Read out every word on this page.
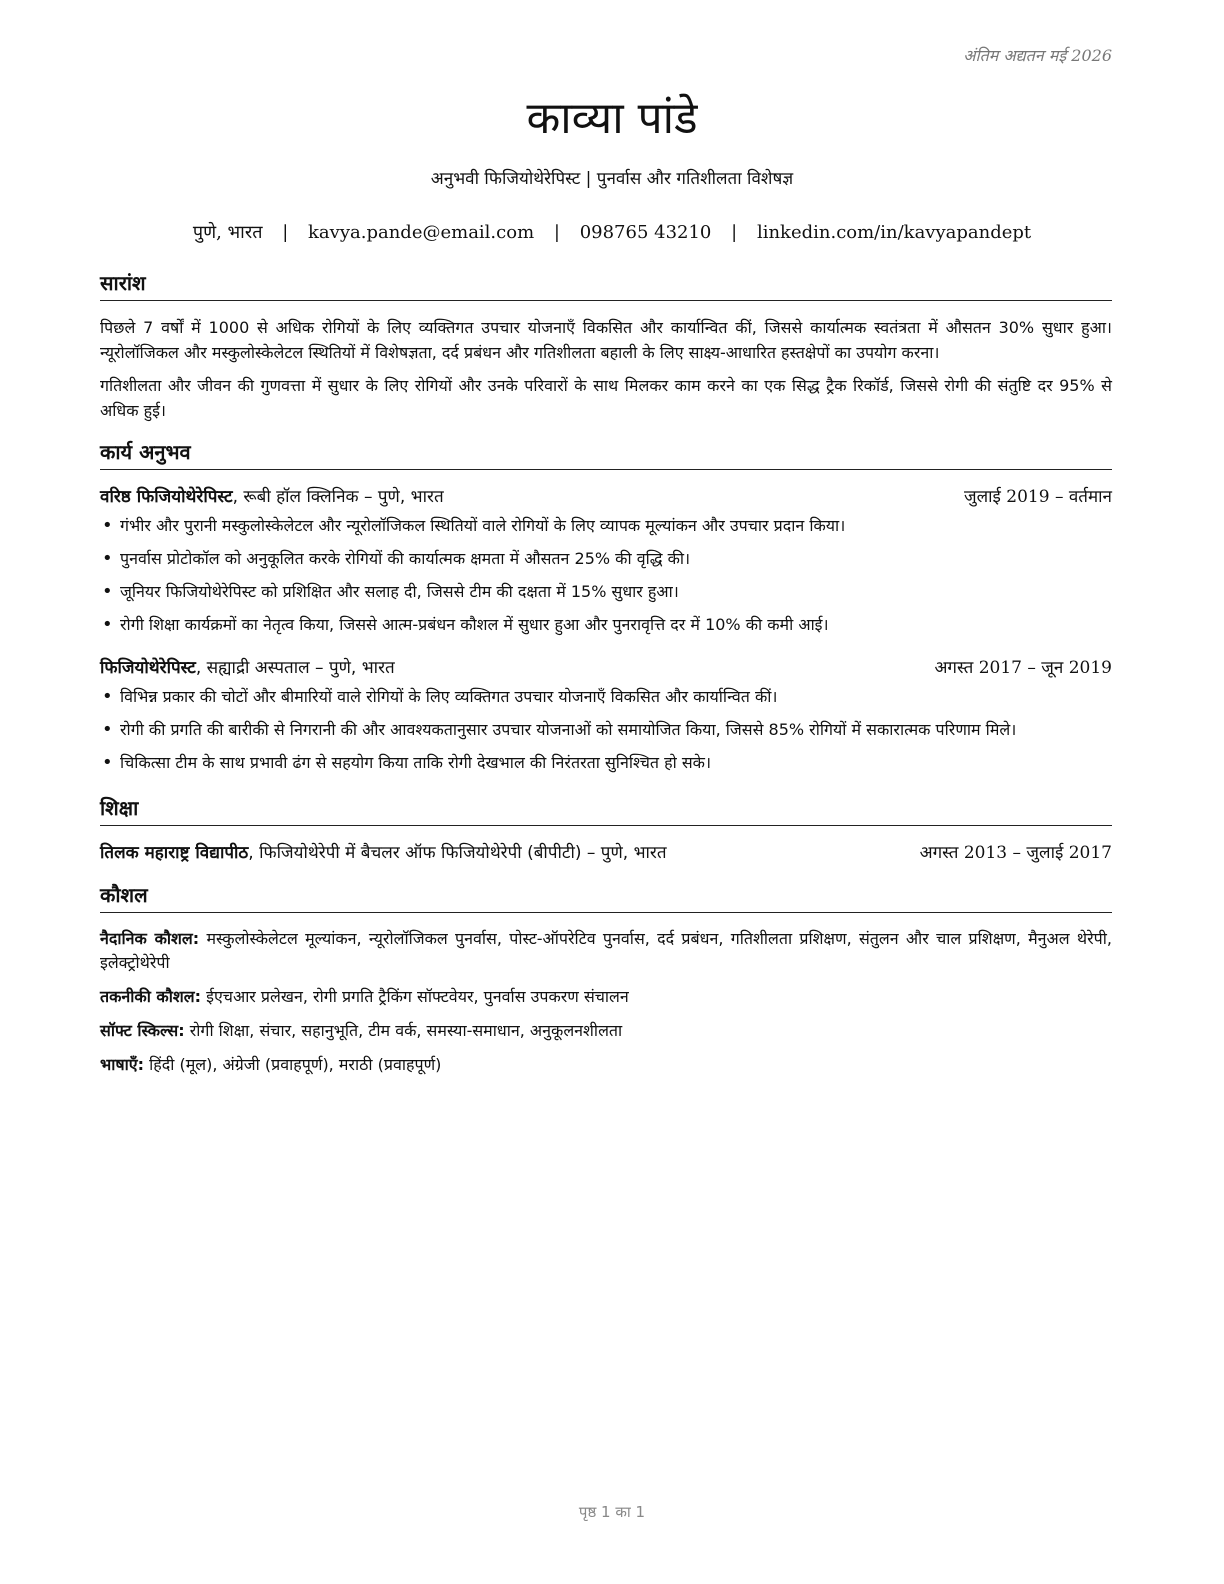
अंतिम अद्यतन मई 2026
काव्या पांडे
अनुभवी फिजियोथेरेपिस्ट | पुनर्वास और गतिशीलता विशेषज्ञ
पुणे, भारत | kavya.pande@email.com | 098765 43210 | linkedin.com/in/kavyapandept
सारांश

पिछले 7 वर्षों में 1000 से अधिक रोगियों के लिए व्यक्तिगत उपचार योजनाएँ विकसित और कार्यान्वित कीं, जिससे कार्यात्मक स्वतंत्रता में औसतन 30% सुधार हुआ। न्यूरोलॉजिकल और मस्कुलोस्केलेटल स्थितियों में विशेषज्ञता, दर्द प्रबंधन और गतिशीलता बहाली के लिए साक्ष्य-आधारित हस्तक्षेपों का उपयोग करना।

गतिशीलता और जीवन की गुणवत्ता में सुधार के लिए रोगियों और उनके परिवारों के साथ मिलकर काम करने का एक सिद्ध ट्रैक रिकॉर्ड, जिससे रोगी की संतुष्टि दर 95% से अधिक हुई।

कार्य अनुभव
वरिष्ठ फिजियोथेरेपिस्ट, रूबी हॉल क्लिनिक – पुणे, भारत	जुलाई 2019 – वर्तमान
• गंभीर और पुरानी मस्कुलोस्केलेटल और न्यूरोलॉजिकल स्थितियों वाले रोगियों के लिए व्यापक मूल्यांकन और उपचार प्रदान किया।
• पुनर्वास प्रोटोकॉल को अनुकूलित करके रोगियों की कार्यात्मक क्षमता में औसतन 25% की वृद्धि की।
• जूनियर फिजियोथेरेपिस्ट को प्रशिक्षित और सलाह दी, जिससे टीम की दक्षता में 15% सुधार हुआ।
• रोगी शिक्षा कार्यक्रमों का नेतृत्व किया, जिससे आत्म-प्रबंधन कौशल में सुधार हुआ और पुनरावृत्ति दर में 10% की कमी आई।
फिजियोथेरेपिस्ट, सह्याद्री अस्पताल – पुणे, भारत	अगस्त 2017 – जून 2019
• विभिन्न प्रकार की चोटों और बीमारियों वाले रोगियों के लिए व्यक्तिगत उपचार योजनाएँ विकसित और कार्यान्वित कीं।
• रोगी की प्रगति की बारीकी से निगरानी की और आवश्यकतानुसार उपचार योजनाओं को समायोजित किया, जिससे 85% रोगियों में सकारात्मक परिणाम मिले।
• चिकित्सा टीम के साथ प्रभावी ढंग से सहयोग किया ताकि रोगी देखभाल की निरंतरता सुनिश्चित हो सके।
शिक्षा
तिलक महाराष्ट्र विद्यापीठ, फिजियोथेरेपी में बैचलर ऑफ फिजियोथेरेपी (बीपीटी) – पुणे, भारत	अगस्त 2013 – जुलाई 2017
कौशल

नैदानिक कौशल: मस्कुलोस्केलेटल मूल्यांकन, न्यूरोलॉजिकल पुनर्वास, पोस्ट-ऑपरेटिव पुनर्वास, दर्द प्रबंधन, गतिशीलता प्रशिक्षण, संतुलन और चाल प्रशिक्षण, मैनुअल थेरेपी, इलेक्ट्रोथेरेपी

तकनीकी कौशल: ईएचआर प्रलेखन, रोगी प्रगति ट्रैकिंग सॉफ्टवेयर, पुनर्वास उपकरण संचालन

सॉफ्ट स्किल्स: रोगी शिक्षा, संचार, सहानुभूति, टीम वर्क, समस्या-समाधान, अनुकूलनशीलता

भाषाएँ: हिंदी (मूल), अंग्रेजी (प्रवाहपूर्ण), मराठी (प्रवाहपूर्ण)

पृष्ठ 1 का 1
